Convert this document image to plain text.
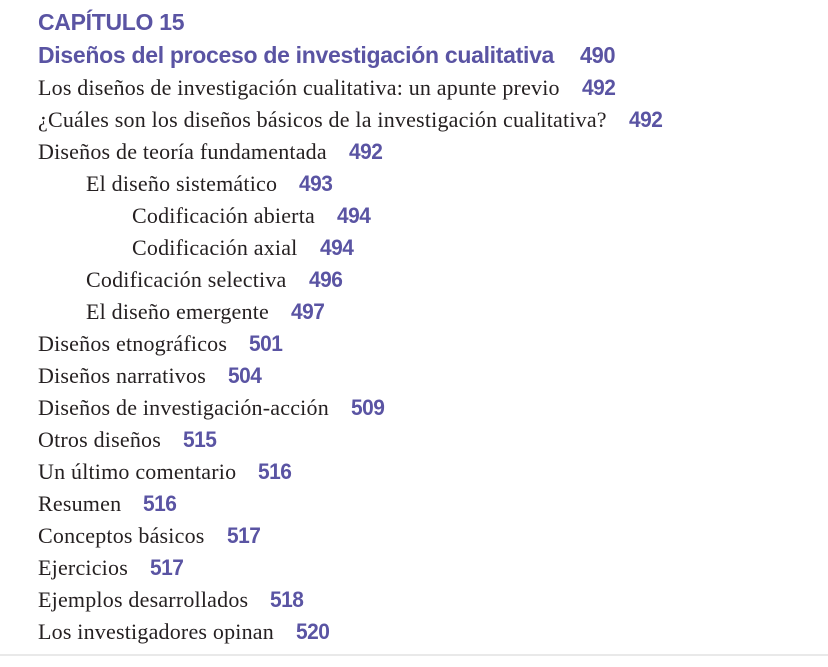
CAPÍTULO 15
Diseños del proceso de investigación cualitativa 490
Los diseños de investigación cualitativa: un apunte previo 492
¿Cuáles son los diseños básicos de la investigación cualitativa? 492
Diseños de teoría fundamentada 492
El diseño sistemático 493
Codificación abierta 494
Codificación axial 494
Codificación selectiva 496
El diseño emergente 497
Diseños etnográficos 501
Diseños narrativos 504
Diseños de investigación-acción 509
Otros diseños 515
Un último comentario 516
Resumen 516
Conceptos básicos 517
Ejercicios 517
Ejemplos desarrollados 518
Los investigadores opinan 520
